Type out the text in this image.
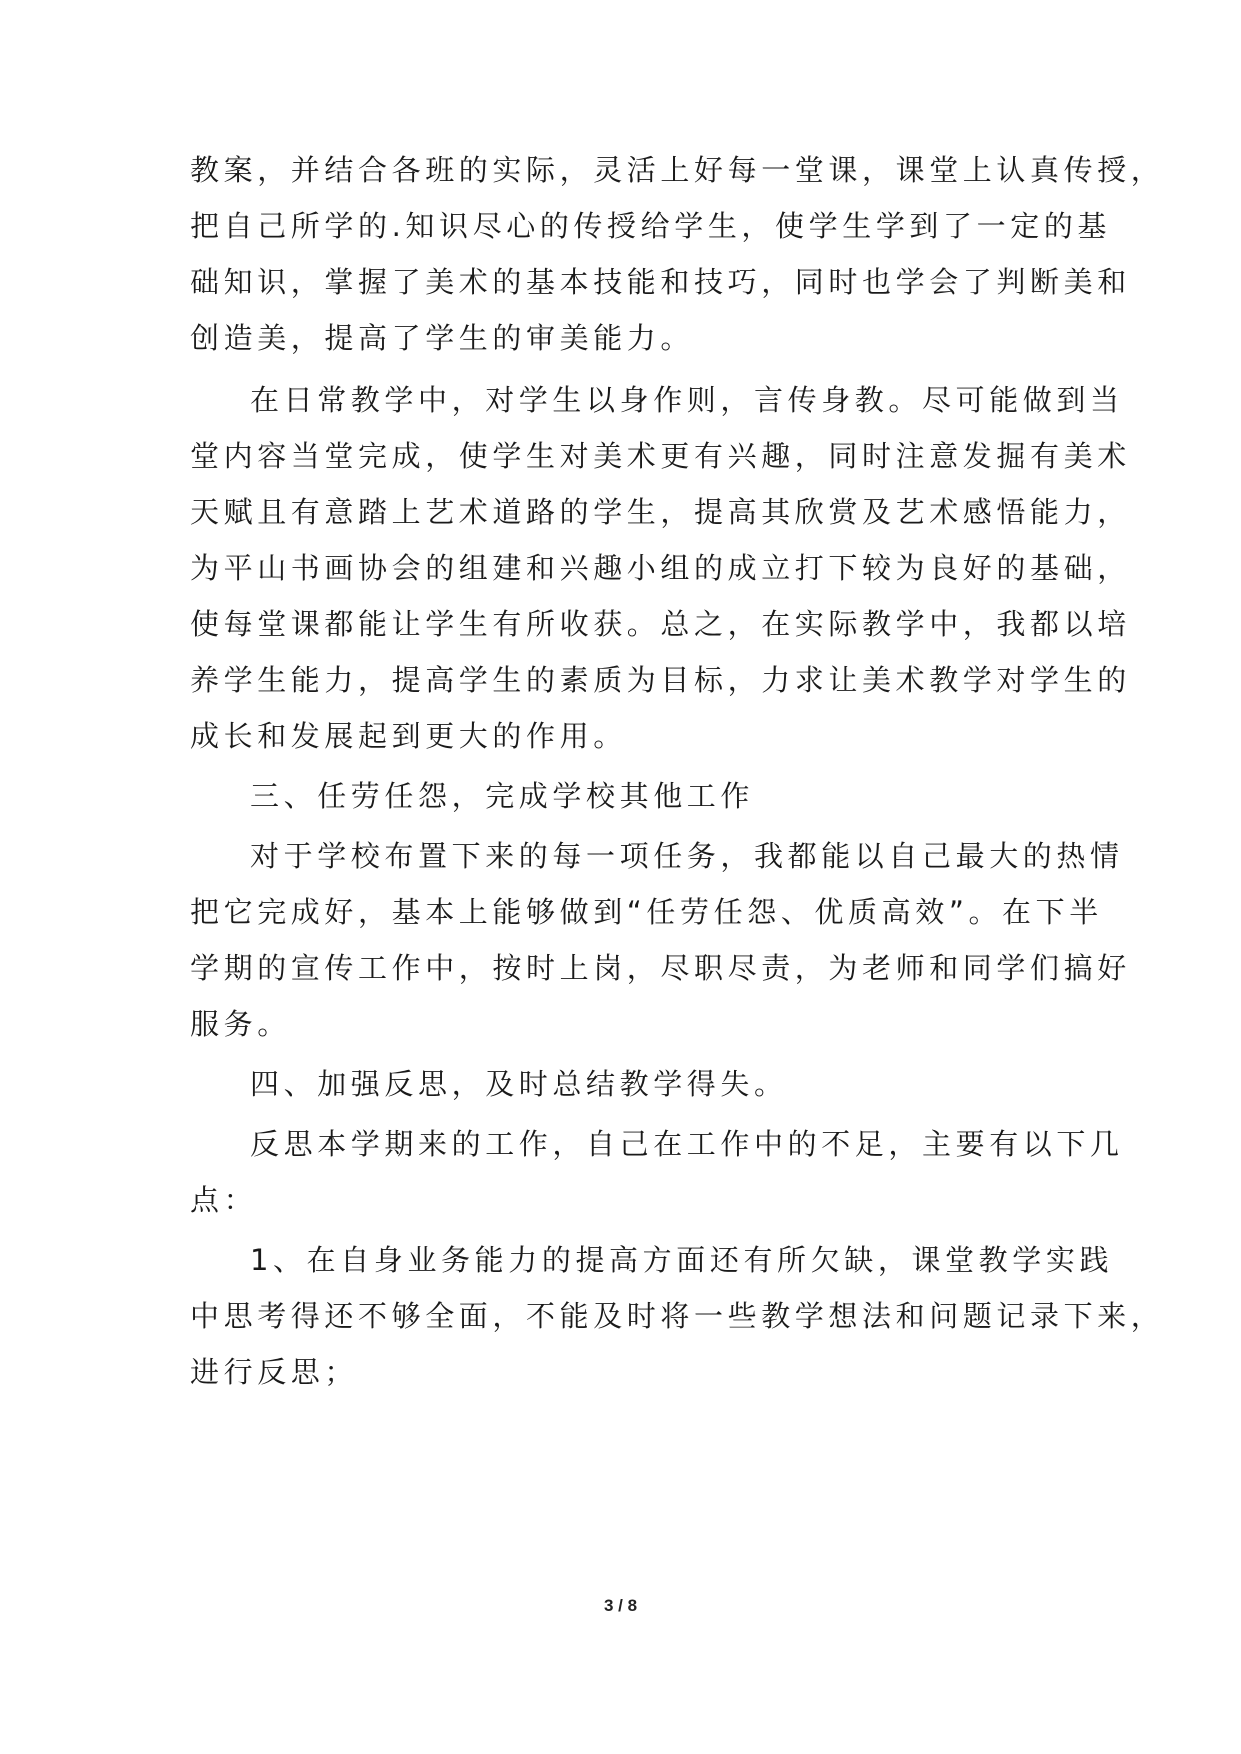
教案，并结合各班的实际，灵活上好每一堂课，课堂上认真传授，
把自己所学的.知识尽心的传授给学生，使学生学到了一定的基
础知识，掌握了美术的基本技能和技巧，同时也学会了判断美和
创造美，提高了学生的审美能力。
在日常教学中，对学生以身作则，言传身教。尽可能做到当
堂内容当堂完成，使学生对美术更有兴趣，同时注意发掘有美术
天赋且有意踏上艺术道路的学生，提高其欣赏及艺术感悟能力，
为平山书画协会的组建和兴趣小组的成立打下较为良好的基础，
使每堂课都能让学生有所收获。总之，在实际教学中，我都以培
养学生能力，提高学生的素质为目标，力求让美术教学对学生的
成长和发展起到更大的作用。
三、任劳任怨，完成学校其他工作
对于学校布置下来的每一项任务，我都能以自己最大的热情
把它完成好，基本上能够做到“任劳任怨、优质高效”。在下半
学期的宣传工作中，按时上岗，尽职尽责，为老师和同学们搞好
服务。
四、加强反思，及时总结教学得失。
反思本学期来的工作，自己在工作中的不足，主要有以下几
点：
1、在自身业务能力的提高方面还有所欠缺，课堂教学实践
中思考得还不够全面，不能及时将一些教学想法和问题记录下来，
进行反思；
3 / 8
